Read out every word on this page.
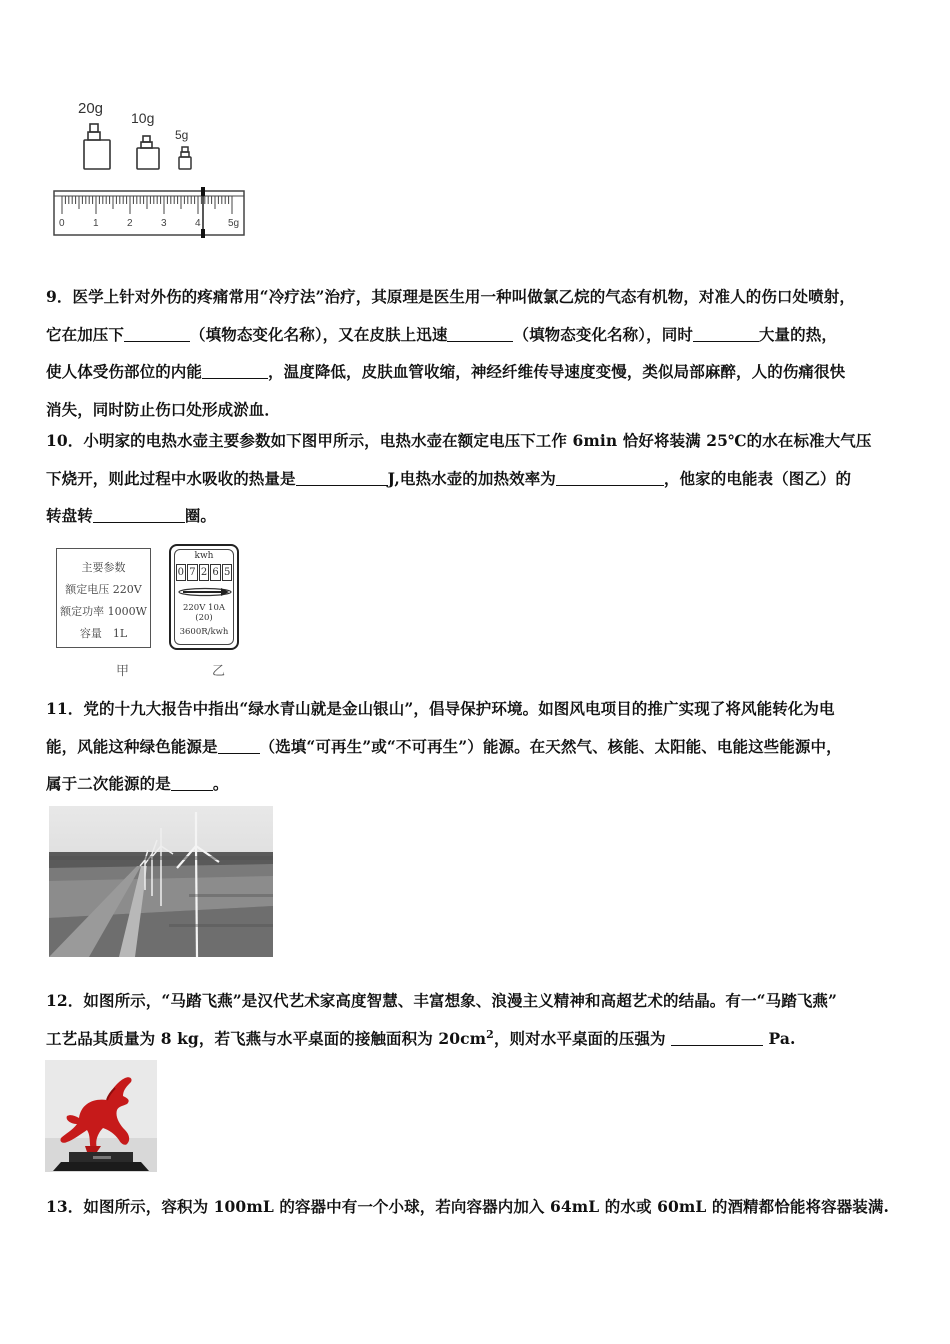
20g
10g
5g
0	1	2	3	4	5g
9．医学上针对外伤的疼痛常用“冷疗法”治疗，其原理是医生用一种叫做氯乙烷的气态有机物，对准人的伤口处喷射，
它在加压下	（填物态变化名称），又在皮肤上迅速	（填物态变化名称），同时	大量的热，
使人体受伤部位的内能	，温度降低，皮肤血管收缩，神经纤维传导速度变慢，类似局部麻醉，人的伤痛很快
消失，同时防止伤口处形成淤血．
10．小明家的电热水壶主要参数如下图甲所示，电热水壶在额定电压下工作 6min 恰好将装满 25℃的水在标准大气压
下烧开，则此过程中水吸收的热量是	J,电热水壶的加热效率为	，他家的电能表（图乙）的
转盘转	圈。
主要参数
额定电压 220V
额定功率 1000W
容量　1L
甲
kwh
0 7 2 6 5
220V 10A (20)
3600R/kwh
乙
11．党的十九大报告中指出“绿水青山就是金山银山”，倡导保护环境。如图风电项目的推广实现了将风能转化为电
能，风能这种绿色能源是	（选填“可再生”或“不可再生”）能源。在天然气、核能、太阳能、电能这些能源中，
属于二次能源的是	。
12．如图所示，“马踏飞燕”是汉代艺术家高度智慧、丰富想象、浪漫主义精神和高超艺术的结晶。有一“马踏飞燕”
工艺品其质量为 8 kg，若飞燕与水平桌面的接触面积为 $20cm^2$，则对水平桌面的压强为	Pa.
13．如图所示，容积为 100mL 的容器中有一个小球，若向容器内加入 64mL 的水或 60mL 的酒精都恰能将容器装满.
